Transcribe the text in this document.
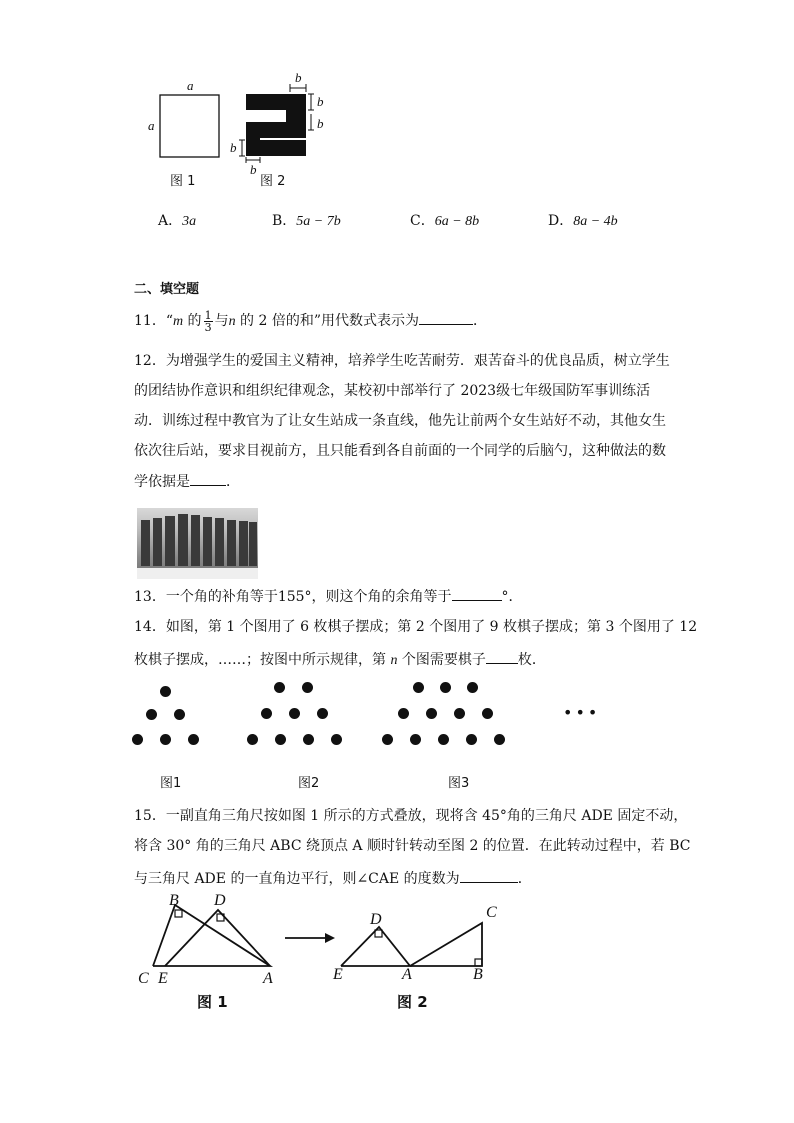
a
a
b
b
b
b
b
图 1	图 2
A．3a	B．5a − 7b	C．6a − 8b	D．8a − 4b
二、填空题
11．“m 的 $\frac{1}{3}$ 与n 的 2 倍的和”用代数式表示为	．
12．为增强学生的爱国主义精神，培养学生吃苦耐劳．艰苦奋斗的优良品质，树立学生
的团结协作意识和组织纪律观念，某校初中部举行了 2023级七年级国防军事训练活
动．训练过程中教官为了让女生站成一条直线，他先让前两个女生站好不动，其他女生
依次往后站，要求目视前方，且只能看到各自前面的一个同学的后脑勺，这种做法的数
学依据是	．
13．一个角的补角等于155°，则这个角的余角等于	°．
14．如图，第 1 个图用了 6 枚棋子摆成；第 2 个图用了 9 枚棋子摆成；第 3 个图用了 12
枚棋子摆成，……；按图中所示规律，第 n 个图需要棋子 枚．
•••
图1	图2	图3
15．一副直角三角尺按如图 1 所示的方式叠放，现将含 45°角的三角尺 ADE 固定不动，
将含 30° 角的三角尺 ABC 绕顶点 A 顺时针转动至图 2 的位置．在此转动过程中，若 BC
与三角尺 ADE 的一直角边平行，则∠CAE 的度数为	．
B D
C E	A
图 1
D	C
E	A	B
图 2
